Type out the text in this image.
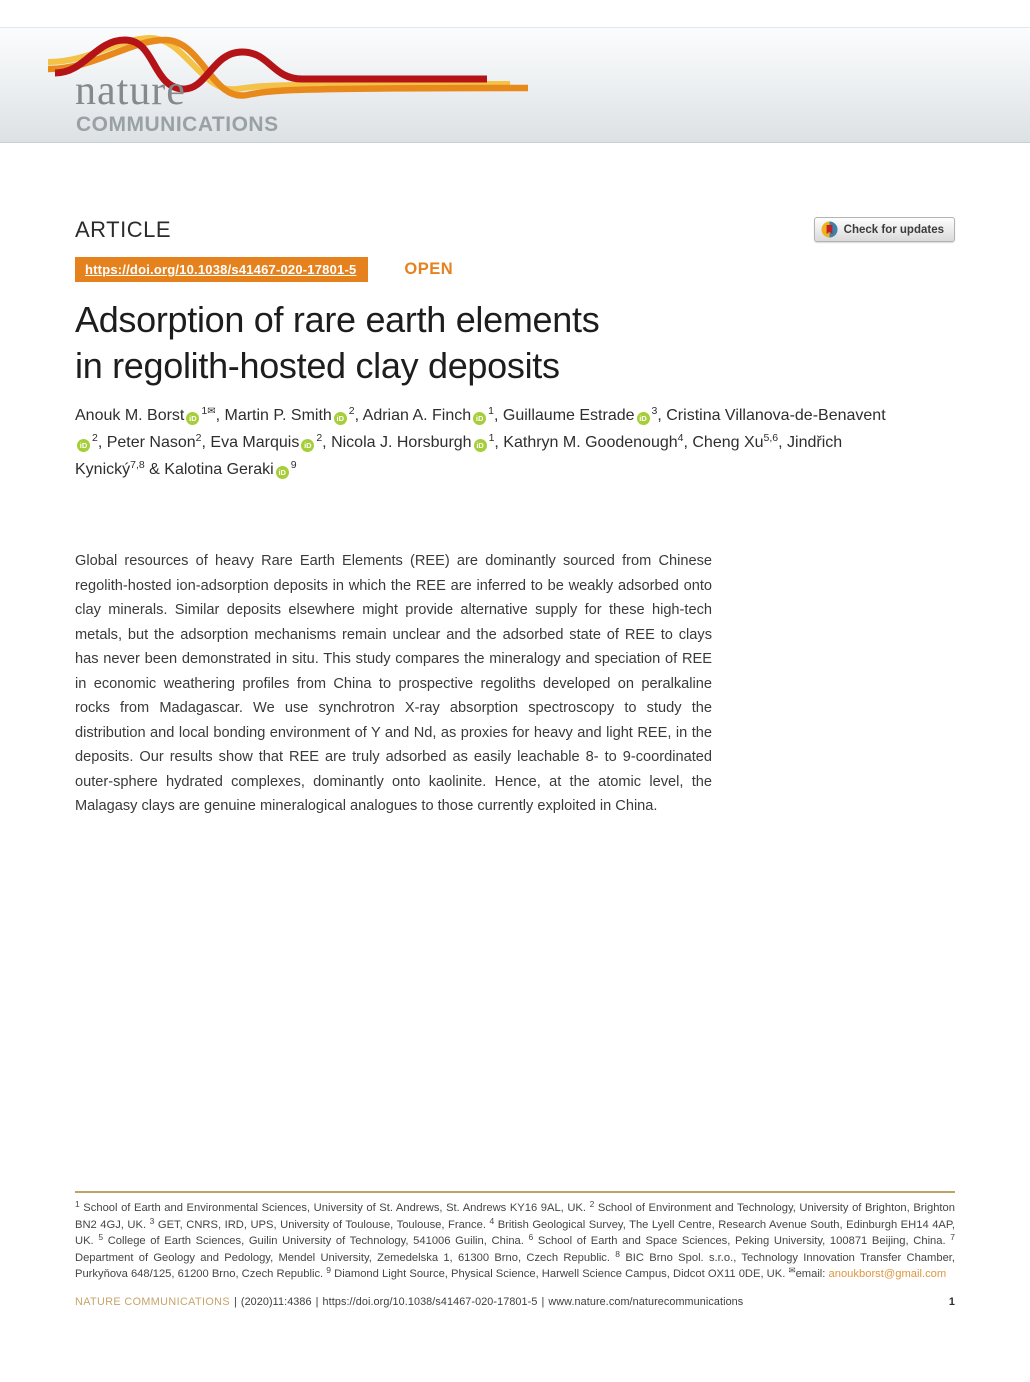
nature
COMMUNICATIONS
ARTICLE	Check for updates
https://doi.org/10.1038/s41467-020-17801-5	OPEN
Adsorption of rare earth elements
in regolith-hosted clay deposits

Anouk M. Borst $iD^{1✉}$, Martin P. Smith $iD^2$, Adrian A. Finch $iD^1$, Guillaume Estrade $iD^3$, Cristina Villanova-de-BenaventiD$^2$, Peter Nason$^2$, Eva Marquis $iD^2$, Nicola J. Horsburgh $iD^1$, Kathryn M. Goodenough$^4$, Cheng Xu$^{5,6}$, Jindřich Kynický$^{7,8}$ & Kalotina Geraki $iD^9$

Global resources of heavy Rare Earth Elements (REE) are dominantly sourced from Chinese regolith-hosted ion-adsorption deposits in which the REE are inferred to be weakly adsorbed onto clay minerals. Similar deposits elsewhere might provide alternative supply for these high-tech metals, but the adsorption mechanisms remain unclear and the adsorbed state of REE to clays has never been demonstrated in situ. This study compares the mineralogy and speciation of REE in economic weathering profiles from China to prospective regoliths developed on peralkaline rocks from Madagascar. We use synchrotron X-ray absorption spectroscopy to study the distribution and local bonding environment of Y and Nd, as proxies for heavy and light REE, in the deposits. Our results show that REE are truly adsorbed as easily leachable 8- to 9-coordinated outer-sphere hydrated complexes, dominantly onto kaolinite. Hence, at the atomic level, the Malagasy clays are genuine mineralogical analogues to those currently exploited in China.

$^1$ School of Earth and Environmental Sciences, University of St. Andrews, St. Andrews KY16 9AL, UK. $^2$ School of Environment and Technology, University of Brighton, Brighton BN2 4GJ, UK. $^3$ GET, CNRS, IRD, UPS, University of Toulouse, Toulouse, France. $^4$ British Geological Survey, The Lyell Centre, Research Avenue South, Edinburgh EH14 4AP, UK. $^5$ College of Earth Sciences, Guilin University of Technology, 541006 Guilin, China. $^6$ School of Earth and Space Sciences, Peking University, 100871 Beijing, China. $^7$ Department of Geology and Pedology, Mendel University, Zemedelska 1, 61300 Brno, Czech Republic. $^8$ BIC Brno Spol. s.r.o., Technology Innovation Transfer Chamber, Purkyňova 648/125, 61200 Brno, Czech Republic. $^9$ Diamond Light Source, Physical Science, Harwell Science Campus, Didcot OX11 0DE, UK. ✉email: anoukborst@gmail.com

NATURE COMMUNICATIONS | (2020)11:4386 | https://doi.org/10.1038/s41467-020-17801-5 | www.nature.com/naturecommunications	1
